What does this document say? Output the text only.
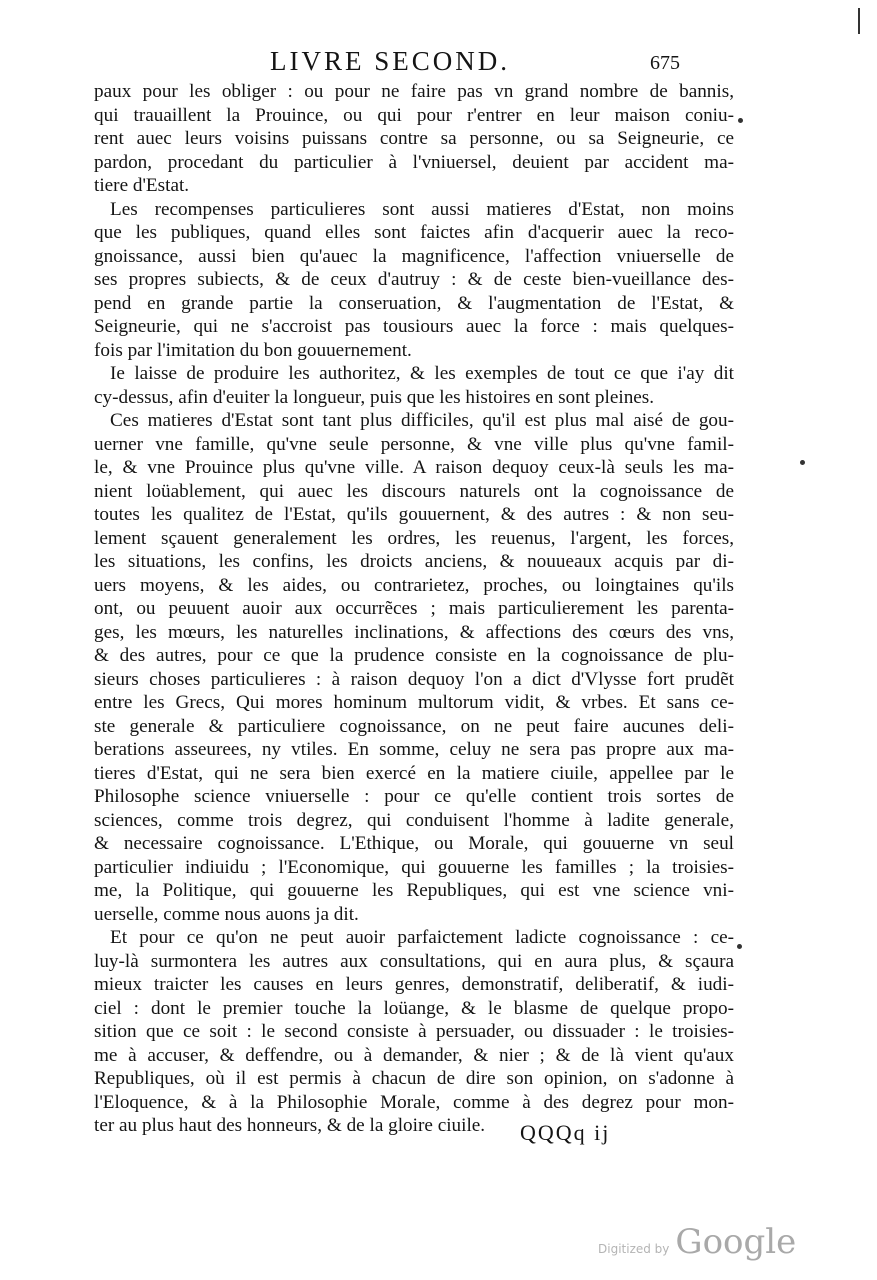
LIVRE SECOND.	675
paux pour les obliger : ou pour ne faire pas vn grand nombre de bannis,
qui trauaillent la Prouince, ou qui pour r'entrer en leur maison coniu-
rent auec leurs voisins puissans contre sa personne, ou sa Seigneurie, ce
pardon, procedant du particulier à l'vniuersel, deuient par accident ma-
tiere d'Estat.
Les recompenses particulieres sont aussi matieres d'Estat, non moins
que les publiques, quand elles sont faictes afin d'acquerir auec la reco-
gnoissance, aussi bien qu'auec la magnificence, l'affection vniuerselle de
ses propres subiects, & de ceux d'autruy : & de ceste bien-vueillance des-
pend en grande partie la conseruation, & l'augmentation de l'Estat, &
Seigneurie, qui ne s'accroist pas tousiours auec la force : mais quelques-
fois par l'imitation du bon gouuernement.
Ie laisse de produire les authoritez, & les exemples de tout ce que i'ay dit
cy-dessus, afin d'euiter la longueur, puis que les histoires en sont pleines.
Ces matieres d'Estat sont tant plus difficiles, qu'il est plus mal aisé de gou-
uerner vne famille, qu'vne seule personne, & vne ville plus qu'vne famil-
le, & vne Prouince plus qu'vne ville. A raison dequoy ceux-là seuls les ma-
nient loüablement, qui auec les discours naturels ont la cognoissance de
toutes les qualitez de l'Estat, qu'ils gouuernent, & des autres : & non seu-
lement sçauent generalement les ordres, les reuenus, l'argent, les forces,
les situations, les confins, les droicts anciens, & nouueaux acquis par di-
uers moyens, & les aides, ou contrarietez, proches, ou loingtaines qu'ils
ont, ou peuuent auoir aux occurrẽces ; mais particulierement les parenta-
ges, les mœurs, les naturelles inclinations, & affections des cœurs des vns,
& des autres, pour ce que la prudence consiste en la cognoissance de plu-
sieurs choses particulieres : à raison dequoy l'on a dict d'Vlysse fort prudẽt
entre les Grecs, Qui mores hominum multorum vidit, & vrbes. Et sans ce-
ste generale & particuliere cognoissance, on ne peut faire aucunes deli-
berations asseurees, ny vtiles. En somme, celuy ne sera pas propre aux ma-
tieres d'Estat, qui ne sera bien exercé en la matiere ciuile, appellee par le
Philosophe science vniuerselle : pour ce qu'elle contient trois sortes de
sciences, comme trois degrez, qui conduisent l'homme à ladite generale,
& necessaire cognoissance. L'Ethique, ou Morale, qui gouuerne vn seul
particulier indiuidu ; l'Economique, qui gouuerne les familles ; la troisies-
me, la Politique, qui gouuerne les Republiques, qui est vne science vni-
uerselle, comme nous auons ja dit.
Et pour ce qu'on ne peut auoir parfaictement ladicte cognoissance : ce-
luy-là surmontera les autres aux consultations, qui en aura plus, & sçaura
mieux traicter les causes en leurs genres, demonstratif, deliberatif, & iudi-
ciel : dont le premier touche la loüange, & le blasme de quelque propo-
sition que ce soit : le second consiste à persuader, ou dissuader : le troisies-
me à accuser, & deffendre, ou à demander, & nier ; & de là vient qu'aux
Republiques, où il est permis à chacun de dire son opinion, on s'adonne à
l'Eloquence, & à la Philosophie Morale, comme à des degrez pour mon-
ter au plus haut des honneurs, & de la gloire ciuile.	QQQq ij
Digitized by Google
